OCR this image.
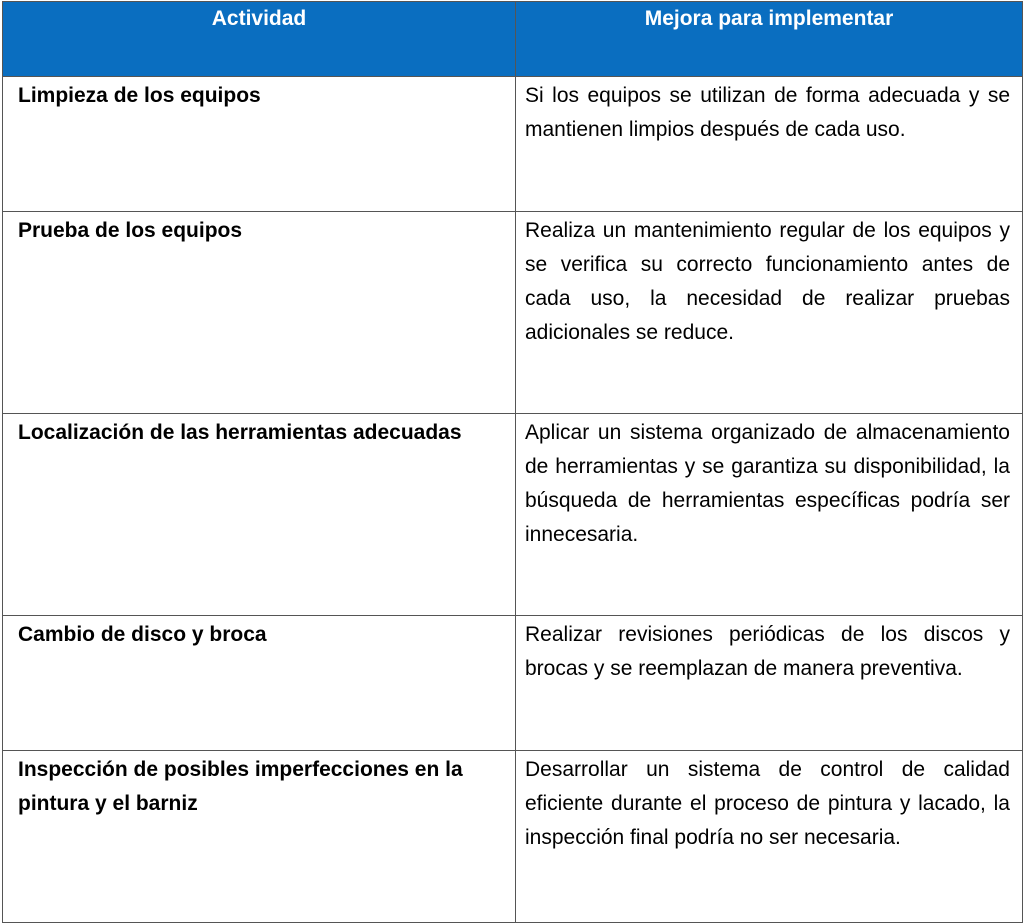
Actividad	Mejora para implementar
Limpieza de los equipos	Si los equipos se utilizan de forma adecuada y se mantienen limpios después de cada uso.
Prueba de los equipos	Realiza un mantenimiento regular de los equipos y se verifica su correcto funcionamiento antes de cada uso, la necesidad de realizar pruebas adicionales se reduce.
Localización de las herramientas adecuadas	Aplicar un sistema organizado de almacenamiento de herramientas y se garantiza su disponibilidad, la búsqueda de herramientas específicas podría ser innecesaria.
Cambio de disco y broca	Realizar revisiones periódicas de los discos y brocas y se reemplazan de manera preventiva.
Inspección de posibles imperfecciones en la pintura y el barniz	Desarrollar un sistema de control de calidad eficiente durante el proceso de pintura y lacado, la inspección final podría no ser necesaria.
